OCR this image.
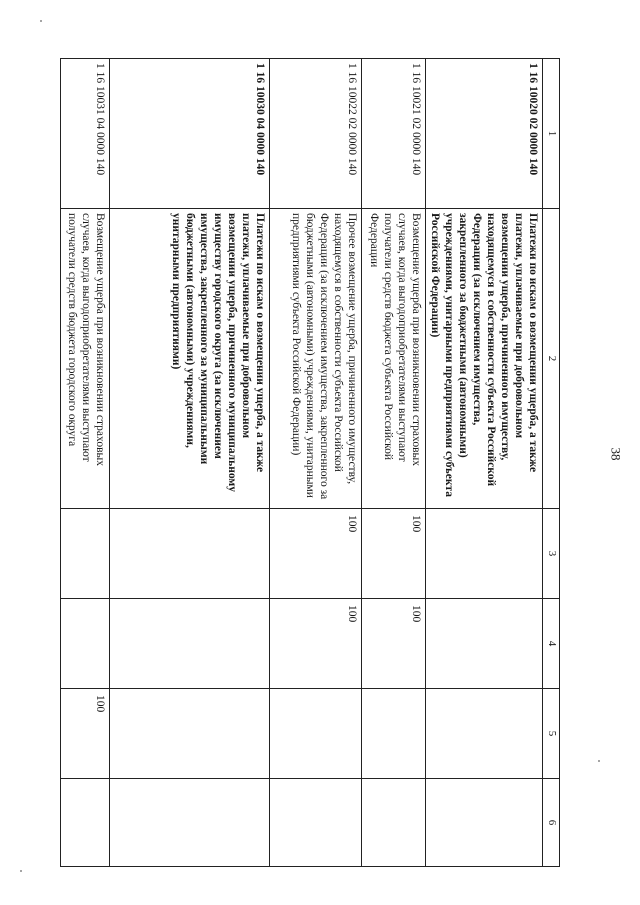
38
1	2	3	4	5	6
1 16 10020 02 0000 140	Платежи по искам о возмещении ущерба, а также платежи, уплачиваемые при добровольном возмещении ущерба, причиненного имуществу, находящемуся в собственности субъекта Российской Федерации (за исключением имущества, закрепленного за бюджетными (автономными) учреждениями, унитарными предприятиями субъекта Российской Федерации)				
1 16 10021 02 0000 140	Возмещение ущерба при возникновении страховых случаев, когда выгодоприобретателями выступают получатели средств бюджета субъекта Российской Федерации	100	100		
1 16 10022 02 0000 140	Прочее возмещение ущерба, причиненного имуществу, находящемуся в собственности субъекта Российской Федерации (за исключением имущества, закрепленного за бюджетными (автономными) учреждениями, унитарными предприятиями субъекта Российской Федерации)	100	100		
1 16 10030 04 0000 140	Платежи по искам о возмещении ущерба, а также платежи, уплачиваемые при добровольном возмещении ущерба, причиненного муниципальному имуществу городского округа (за исключением имущества, закрепленного за муниципальными бюджетными (автономными) учреждениями, унитарными предприятиями)				
1 16 10031 04 0000 140	Возмещение ущерба при возникновении страховых случаев, когда выгодоприобретателями выступают получатели средств бюджета городского округа			100	
